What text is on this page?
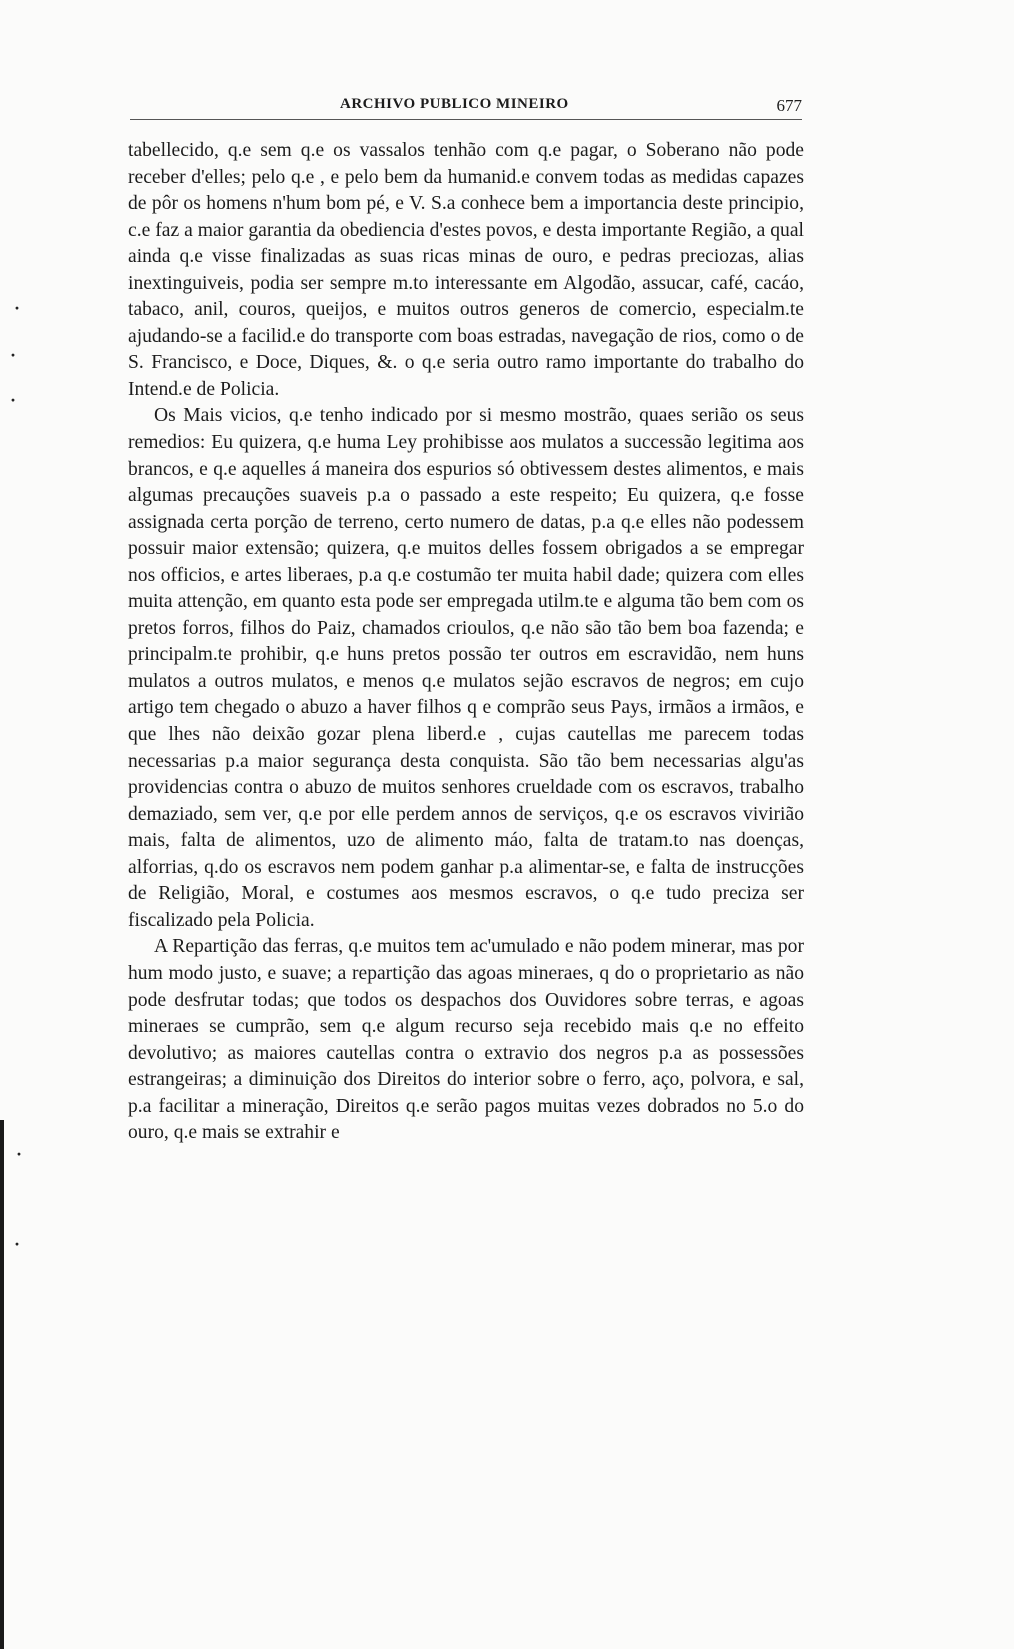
ARCHIVO PUBLICO MINEIRO	677

tabellecido, q.e sem q.e os vassalos tenhão com q.e pagar, o Soberano não pode receber d'elles; pelo q.e , e pelo bem da humanid.e convem todas as medidas capazes de pôr os homens n'hum bom pé, e V. S.a conhece bem a importancia deste principio, c.e faz a maior garantia da obediencia d'estes povos, e desta importante Região, a qual ainda q.e visse finalizadas as suas ricas minas de ouro, e pedras preciozas, alias inextinguiveis, podia ser sempre m.to interessante em Algodão, assucar, café, cacáo, tabaco, anil, couros, queijos, e muitos outros generos de comercio, especialm.te ajudando-se a facilid.e do transporte com boas estradas, navegação de rios, como o de S. Francisco, e Doce, Diques, &. o q.e seria outro ramo importante do trabalho do Intend.e de Policia.

Os Mais vicios, q.e tenho indicado por si mesmo mostrão, quaes serião os seus remedios: Eu quizera, q.e huma Ley prohibisse aos mulatos a successão legitima aos brancos, e q.e aquelles á maneira dos espurios só obtivessem destes alimentos, e mais algumas precauções suaveis p.a o passado a este respeito; Eu quizera, q.e fosse assignada certa porção de terreno, certo numero de datas, p.a q.e elles não podessem possuir maior extensão; quizera, q.e muitos delles fossem obrigados a se empregar nos officios, e artes liberaes, p.a q.e costumão ter muita habil dade; quizera com elles muita attenção, em quanto esta pode ser empregada utilm.te e alguma tão bem com os pretos forros, filhos do Paiz, chamados crioulos, q.e não são tão bem boa fazenda; e principalm.te prohibir, q.e huns pretos possão ter outros em escravidão, nem huns mulatos a outros mulatos, e menos q.e mulatos sejão escravos de negros; em cujo artigo tem chegado o abuzo a haver filhos q e comprão seus Pays, irmãos a irmãos, e que lhes não deixão gozar plena liberd.e , cujas cautellas me parecem todas necessarias p.a maior segurança desta conquista. São tão bem necessarias algu'as providencias contra o abuzo de muitos senhores crueldade com os escravos, trabalho demaziado, sem ver, q.e por elle perdem annos de serviços, q.e os escravos vivirião mais, falta de alimentos, uzo de alimento máo, falta de tratam.to nas doenças, alforrias, q.do os escravos nem podem ganhar p.a alimentar-se, e falta de instrucções de Religião, Moral, e costumes aos mesmos escravos, o q.e tudo preciza ser fiscalizado pela Policia.

A Repartição das ferras, q.e muitos tem ac'umulado e não podem minerar, mas por hum modo justo, e suave; a repartição das agoas mineraes, q do o proprietario as não pode desfrutar todas; que todos os despachos dos Ouvidores sobre terras, e agoas mineraes se cumprão, sem q.e algum recurso seja recebido mais q.e no effeito devolutivo; as maiores cautellas contra o extravio dos negros p.a as possessões estrangeiras; a diminuição dos Direitos do interior sobre o ferro, aço, polvora, e sal, p.a facilitar a mineração, Direitos q.e serão pagos muitas vezes dobrados no 5.o do ouro, q.e mais se extrahir e

·
·
·
·
·
